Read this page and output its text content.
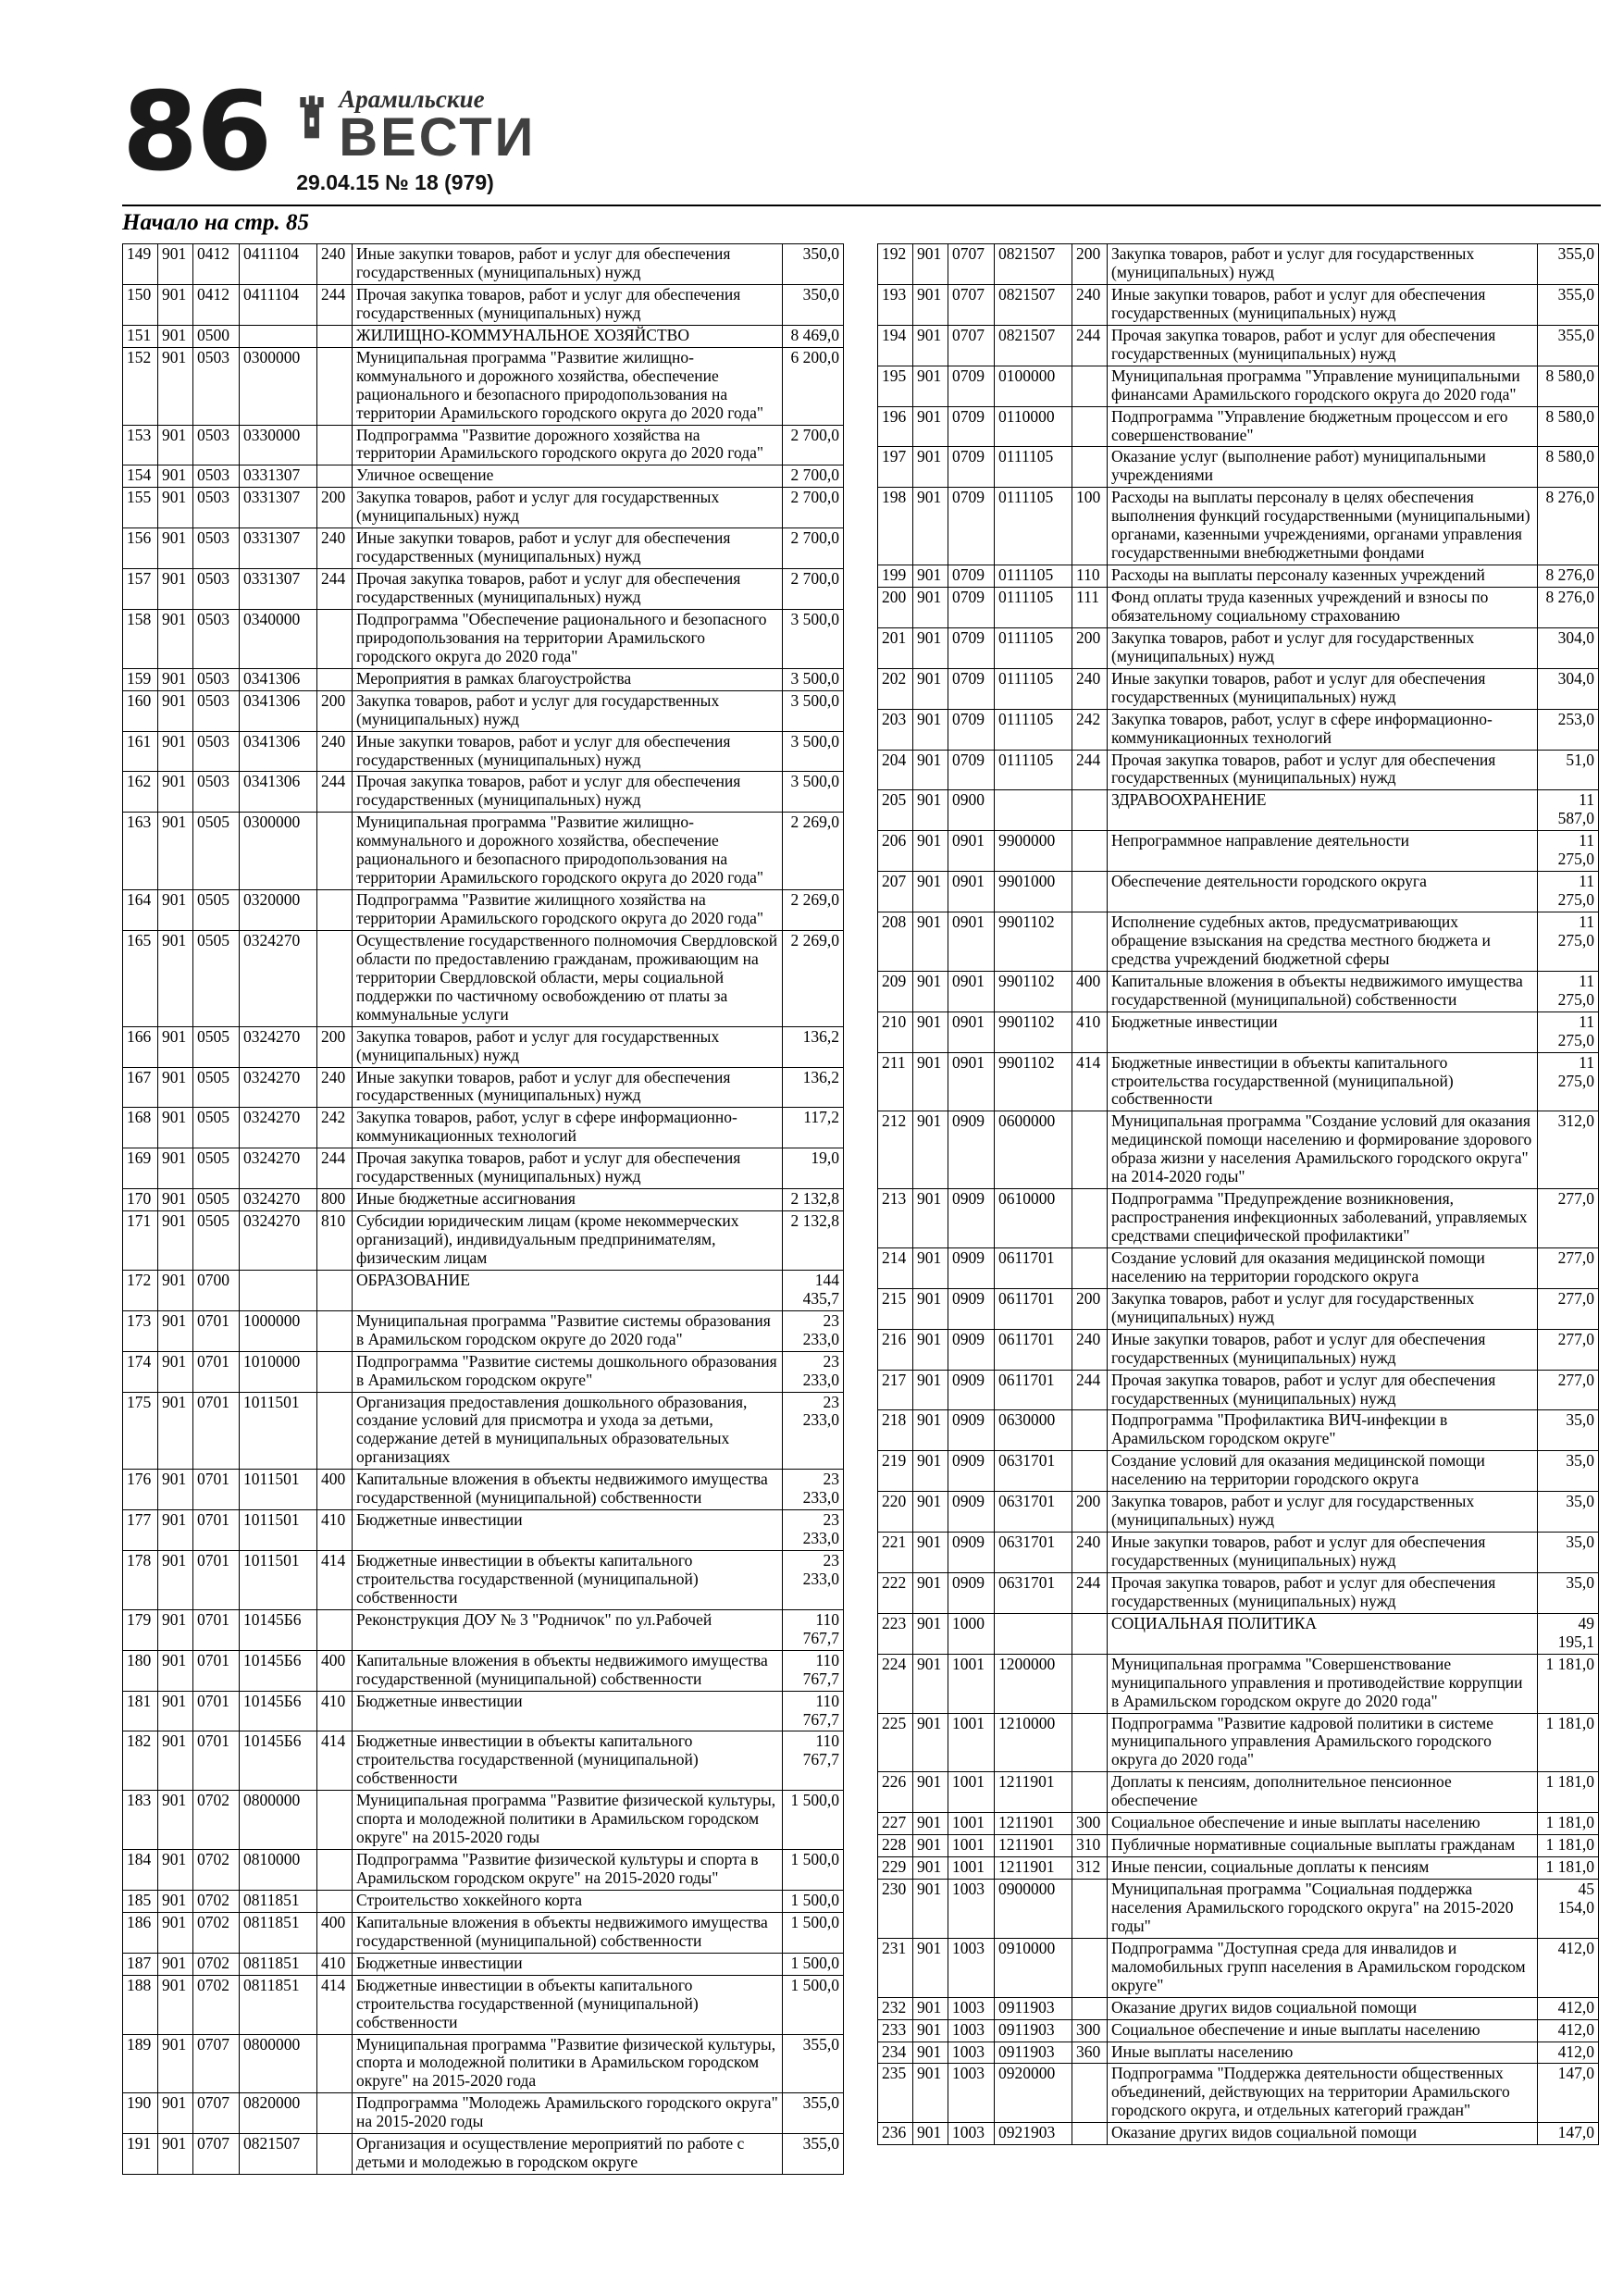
86	Арамильские
ВЕСТИ
29.04.15 № 18 (979)
Начало на стр. 85
149	901	0412	0411104	240	Иные закупки товаров, работ и услуг для обеспечения государственных (муниципальных) нужд	350,0
150	901	0412	0411104	244	Прочая закупка товаров, работ и услуг для обеспечения государственных (муниципальных) нужд	350,0
151	901	0500			ЖИЛИЩНО-КОММУНАЛЬНОЕ ХОЗЯЙСТВО	8 469,0
152	901	0503	0300000		Муниципальная программа "Развитие жилищно-коммунального и дорожного хозяйства, обеспечение рационального и безопасного природопользования на территории Арамильского городского округа до 2020 года"	6 200,0
153	901	0503	0330000		Подпрограмма "Развитие дорожного хозяйства на территории Арамильского городского округа до 2020 года"	2 700,0
154	901	0503	0331307		Уличное освещение	2 700,0
155	901	0503	0331307	200	Закупка товаров, работ и услуг для государственных (муниципальных) нужд	2 700,0
156	901	0503	0331307	240	Иные закупки товаров, работ и услуг для обеспечения государственных (муниципальных) нужд	2 700,0
157	901	0503	0331307	244	Прочая закупка товаров, работ и услуг для обеспечения государственных (муниципальных) нужд	2 700,0
158	901	0503	0340000		Подпрограмма "Обеспечение рационального и безопасного природопользования на территории Арамильского городского округа до 2020 года"	3 500,0
159	901	0503	0341306		Мероприятия в рамках благоустройства	3 500,0
160	901	0503	0341306	200	Закупка товаров, работ и услуг для государственных (муниципальных) нужд	3 500,0
161	901	0503	0341306	240	Иные закупки товаров, работ и услуг для обеспечения государственных (муниципальных) нужд	3 500,0
162	901	0503	0341306	244	Прочая закупка товаров, работ и услуг для обеспечения государственных (муниципальных) нужд	3 500,0
163	901	0505	0300000		Муниципальная программа "Развитие жилищно-коммунального и дорожного хозяйства, обеспечение рационального и безопасного природопользования на территории Арамильского городского округа до 2020 года"	2 269,0
164	901	0505	0320000		Подпрограмма "Развитие жилищного хозяйства на территории Арамильского городского округа до 2020 года"	2 269,0
165	901	0505	0324270		Осуществление государственного полномочия Свердловской области по предоставлению гражданам, проживающим на территории Свердловской области, меры социальной поддержки по частичному освобождению от платы за коммунальные услуги	2 269,0
166	901	0505	0324270	200	Закупка товаров, работ и услуг для государственных (муниципальных) нужд	136,2
167	901	0505	0324270	240	Иные закупки товаров, работ и услуг для обеспечения государственных (муниципальных) нужд	136,2
168	901	0505	0324270	242	Закупка товаров, работ, услуг в сфере информационно-коммуникационных технологий	117,2
169	901	0505	0324270	244	Прочая закупка товаров, работ и услуг для обеспечения государственных (муниципальных) нужд	19,0
170	901	0505	0324270	800	Иные бюджетные ассигнования	2 132,8
171	901	0505	0324270	810	Субсидии юридическим лицам (кроме некоммерческих организаций), индивидуальным предпринимателям, физическим лицам	2 132,8
172	901	0700			ОБРАЗОВАНИЕ	144 435,7
173	901	0701	1000000		Муниципальная программа "Развитие системы образования в Арамильском городском округе до 2020 года"	23 233,0
174	901	0701	1010000		Подпрограмма "Развитие системы дошкольного образования в Арамильском городском округе"	23 233,0
175	901	0701	1011501		Организация предоставления дошкольного образования, создание условий для присмотра и ухода за детьми, содержание детей в муниципальных образовательных организациях	23 233,0
176	901	0701	1011501	400	Капитальные вложения в объекты недвижимого имущества государственной (муниципальной) собственности	23 233,0
177	901	0701	1011501	410	Бюджетные инвестиции	23 233,0
178	901	0701	1011501	414	Бюджетные инвестиции в объекты капитального строительства государственной (муниципальной) собственности	23 233,0
179	901	0701	10145Б6		Реконструкция ДОУ № 3 "Родничок" по ул.Рабочей	110 767,7
180	901	0701	10145Б6	400	Капитальные вложения в объекты недвижимого имущества государственной (муниципальной) собственности	110 767,7
181	901	0701	10145Б6	410	Бюджетные инвестиции	110 767,7
182	901	0701	10145Б6	414	Бюджетные инвестиции в объекты капитального строительства государственной (муниципальной) собственности	110 767,7
183	901	0702	0800000		Муниципальная программа "Развитие физической культуры, спорта и молодежной политики в Арамильском городском округе" на 2015-2020 годы	1 500,0
184	901	0702	0810000		Подпрограмма "Развитие физической культуры и спорта в Арамильском городском округе" на 2015-2020 годы"	1 500,0
185	901	0702	0811851		Строительство хоккейного корта	1 500,0
186	901	0702	0811851	400	Капитальные вложения в объекты недвижимого имущества государственной (муниципальной) собственности	1 500,0
187	901	0702	0811851	410	Бюджетные инвестиции	1 500,0
188	901	0702	0811851	414	Бюджетные инвестиции в объекты капитального строительства государственной (муниципальной) собственности	1 500,0
189	901	0707	0800000		Муниципальная программа "Развитие физической культуры, спорта и молодежной политики в Арамильском городском округе" на 2015-2020 года	355,0
190	901	0707	0820000		Подпрограмма "Молодежь Арамильского городского округа" на 2015-2020 годы	355,0
191	901	0707	0821507		Организация и осуществление мероприятий по работе с детьми и молодежью в городском округе	355,0
192	901	0707	0821507	200	Закупка товаров, работ и услуг для государственных (муниципальных) нужд	355,0
193	901	0707	0821507	240	Иные закупки товаров, работ и услуг для обеспечения государственных (муниципальных) нужд	355,0
194	901	0707	0821507	244	Прочая закупка товаров, работ и услуг для обеспечения государственных (муниципальных) нужд	355,0
195	901	0709	0100000		Муниципальная программа "Управление муниципальными финансами Арамильского городского округа до 2020 года"	8 580,0
196	901	0709	0110000		Подпрограмма "Управление бюджетным процессом и его совершенствование"	8 580,0
197	901	0709	0111105		Оказание услуг (выполнение работ) муниципальными учреждениями	8 580,0
198	901	0709	0111105	100	Расходы на выплаты персоналу в целях обеспечения выполнения функций государственными (муниципальными) органами, казенными учреждениями, органами управления государственными внебюджетными фондами	8 276,0
199	901	0709	0111105	110	Расходы на выплаты персоналу казенных учреждений	8 276,0
200	901	0709	0111105	111	Фонд оплаты труда казенных учреждений и взносы по обязательному социальному страхованию	8 276,0
201	901	0709	0111105	200	Закупка товаров, работ и услуг для государственных (муниципальных) нужд	304,0
202	901	0709	0111105	240	Иные закупки товаров, работ и услуг для обеспечения государственных (муниципальных) нужд	304,0
203	901	0709	0111105	242	Закупка товаров, работ, услуг в сфере информационно-коммуникационных технологий	253,0
204	901	0709	0111105	244	Прочая закупка товаров, работ и услуг для обеспечения государственных (муниципальных) нужд	51,0
205	901	0900			ЗДРАВООХРАНЕНИЕ	11 587,0
206	901	0901	9900000		Непрограммное направление деятельности	11 275,0
207	901	0901	9901000		Обеспечение деятельности городского округа	11 275,0
208	901	0901	9901102		Исполнение судебных актов, предусматривающих обращение взыскания на средства местного бюджета и средства учреждений бюджетной сферы	11 275,0
209	901	0901	9901102	400	Капитальные вложения в объекты недвижимого имущества государственной (муниципальной) собственности	11 275,0
210	901	0901	9901102	410	Бюджетные инвестиции	11 275,0
211	901	0901	9901102	414	Бюджетные инвестиции в объекты капитального строительства государственной (муниципальной) собственности	11 275,0
212	901	0909	0600000		Муниципальная программа "Создание условий для оказания медицинской помощи населению и формирование здорового образа жизни у населения Арамильского городского округа" на 2014-2020 годы"	312,0
213	901	0909	0610000		Подпрограмма "Предупреждение возникновения, распространения инфекционных заболеваний, управляемых средствами специфической профилактики"	277,0
214	901	0909	0611701		Создание условий для оказания медицинской помощи населению на территории городского округа	277,0
215	901	0909	0611701	200	Закупка товаров, работ и услуг для государственных (муниципальных) нужд	277,0
216	901	0909	0611701	240	Иные закупки товаров, работ и услуг для обеспечения государственных (муниципальных) нужд	277,0
217	901	0909	0611701	244	Прочая закупка товаров, работ и услуг для обеспечения государственных (муниципальных) нужд	277,0
218	901	0909	0630000		Подпрограмма "Профилактика ВИЧ-инфекции в Арамильском городском округе"	35,0
219	901	0909	0631701		Создание условий для оказания медицинской помощи населению на территории городского округа	35,0
220	901	0909	0631701	200	Закупка товаров, работ и услуг для государственных (муниципальных) нужд	35,0
221	901	0909	0631701	240	Иные закупки товаров, работ и услуг для обеспечения государственных (муниципальных) нужд	35,0
222	901	0909	0631701	244	Прочая закупка товаров, работ и услуг для обеспечения государственных (муниципальных) нужд	35,0
223	901	1000			СОЦИАЛЬНАЯ ПОЛИТИКА	49 195,1
224	901	1001	1200000		Муниципальная программа "Совершенствование муниципального управления и противодействие коррупции в Арамильском городском округе до 2020 года"	1 181,0
225	901	1001	1210000		Подпрограмма "Развитие кадровой политики в системе муниципального управления Арамильского городского округа до 2020 года"	1 181,0
226	901	1001	1211901		Доплаты к пенсиям, дополнительное пенсионное обеспечение	1 181,0
227	901	1001	1211901	300	Социальное обеспечение и иные выплаты населению	1 181,0
228	901	1001	1211901	310	Публичные нормативные социальные выплаты гражданам	1 181,0
229	901	1001	1211901	312	Иные пенсии, социальные доплаты к пенсиям	1 181,0
230	901	1003	0900000		Муниципальная программа "Социальная поддержка населения Арамильского городского округа" на 2015-2020 годы"	45 154,0
231	901	1003	0910000		Подпрограмма "Доступная среда для инвалидов и маломобильных групп населения в Арамильском городском округе"	412,0
232	901	1003	0911903		Оказание других видов социальной помощи	412,0
233	901	1003	0911903	300	Социальное обеспечение и иные выплаты населению	412,0
234	901	1003	0911903	360	Иные выплаты населению	412,0
235	901	1003	0920000		Подпрограмма "Поддержка деятельности общественных объединений, действующих на территории Арамильского городского округа, и отдельных категорий граждан"	147,0
236	901	1003	0921903		Оказание других видов социальной помощи	147,0
